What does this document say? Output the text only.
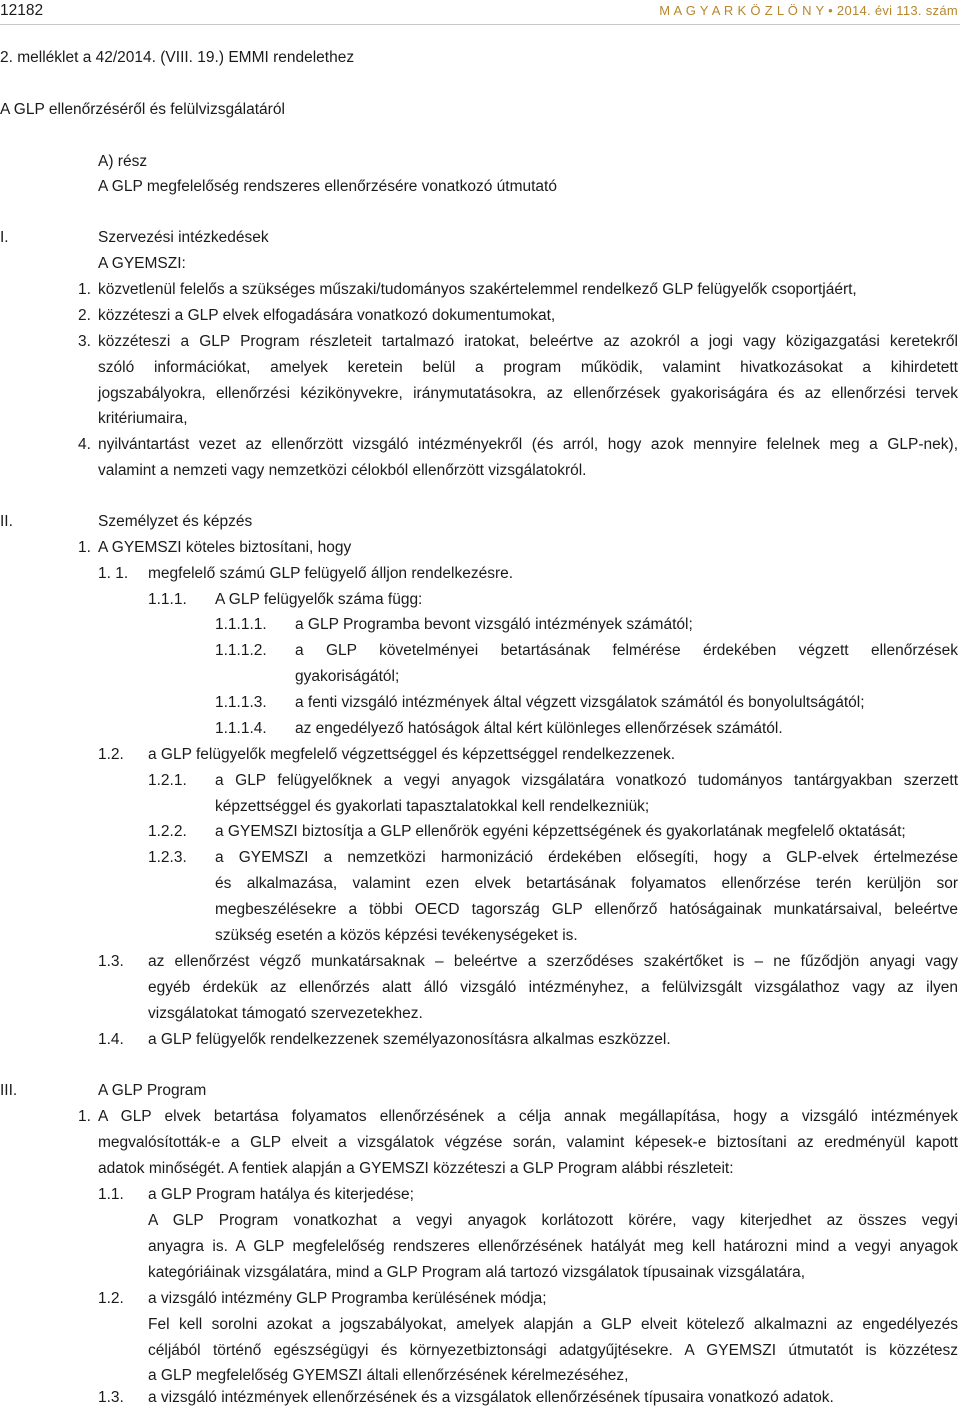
12182	M A G Y A R K Ö Z L Ö N Y • 2014. évi 113. szám
2. melléklet a 42/2014. (VIII. 19.) EMMI rendelethez
A GLP ellenőrzéséről és felülvizsgálatáról
A) rész
A GLP megfelelőség rendszeres ellenőrzésére vonatkozó útmutató
I.	Szervezési intézkedések
A GYEMSZI:
1. közvetlenül felelős a szükséges műszaki/tudományos szakértelemmel rendelkező GLP felügyelők csoportjáért,
2. közzéteszi a GLP elvek elfogadására vonatkozó dokumentumokat,
3. közzéteszi a GLP Program részleteit tartalmazó iratokat, beleértve az azokról a jogi vagy közigazgatási keretekről
szóló információkat, amelyek keretein belül a program működik, valamint hivatkozásokat a kihirdetett
jogszabályokra, ellenőrzési kézikönyvekre, iránymutatásokra, az ellenőrzések gyakoriságára és az ellenőrzési tervek
kritériumaira,
4. nyilvántartást vezet az ellenőrzött vizsgáló intézményekről (és arról, hogy azok mennyire felelnek meg a GLP-nek),
valamint a nemzeti vagy nemzetközi célokból ellenőrzött vizsgálatokról.
II.	Személyzet és képzés
1. A GYEMSZI köteles biztosítani, hogy
1. 1. megfelelő számú GLP felügyelő álljon rendelkezésre.
1.1.1. A GLP felügyelők száma függ:
1.1.1.1. a GLP Programba bevont vizsgáló intézmények számától;
1.1.1.2. a GLP követelményei betartásának felmérése érdekében végzett ellenőrzések
gyakoriságától;
1.1.1.3. a fenti vizsgáló intézmények által végzett vizsgálatok számától és bonyolultságától;
1.1.1.4. az engedélyező hatóságok által kért különleges ellenőrzések számától.
1.2. a GLP felügyelők megfelelő végzettséggel és képzettséggel rendelkezzenek.
1.2.1. a GLP felügyelőknek a vegyi anyagok vizsgálatára vonatkozó tudományos tantárgyakban szerzett
képzettséggel és gyakorlati tapasztalatokkal kell rendelkezniük;
1.2.2. a GYEMSZI biztosítja a GLP ellenőrök egyéni képzettségének és gyakorlatának megfelelő oktatását;
1.2.3. a GYEMSZI a nemzetközi harmonizáció érdekében elősegíti, hogy a GLP-elvek értelmezése
és alkalmazása, valamint ezen elvek betartásának folyamatos ellenőrzése terén kerüljön sor
megbeszélésekre a többi OECD tagország GLP ellenőrző hatóságainak munkatársaival, beleértve
szükség esetén a közös képzési tevékenységeket is.
1.3. az ellenőrzést végző munkatársaknak – beleértve a szerződéses szakértőket is – ne fűződjön anyagi vagy
egyéb érdekük az ellenőrzés alatt álló vizsgáló intézményhez, a felülvizsgált vizsgálathoz vagy az ilyen
vizsgálatokat támogató szervezetekhez.
1.4. a GLP felügyelők rendelkezzenek személyazonosításra alkalmas eszközzel.
III.	A GLP Program
1. A GLP elvek betartása folyamatos ellenőrzésének a célja annak megállapítása, hogy a vizsgáló intézmények
megvalósították-e a GLP elveit a vizsgálatok végzése során, valamint képesek-e biztosítani az eredményül kapott
adatok minőségét. A fentiek alapján a GYEMSZI közzéteszi a GLP Program alábbi részleteit:
1.1. a GLP Program hatálya és kiterjedése;
A GLP Program vonatkozhat a vegyi anyagok korlátozott körére, vagy kiterjedhet az összes vegyi
anyagra is. A GLP megfelelőség rendszeres ellenőrzésének hatályát meg kell határozni mind a vegyi anyagok
kategóriáinak vizsgálatára, mind a GLP Program alá tartozó vizsgálatok típusainak vizsgálatára,
1.2. a vizsgáló intézmény GLP Programba kerülésének módja;
Fel kell sorolni azokat a jogszabályokat, amelyek alapján a GLP elveit kötelező alkalmazni az engedélyezés
céljából történő egészségügyi és környezetbiztonsági adatgyűjtésekre. A GYEMSZI útmutatót is közzétesz
a GLP megfelelőség GYEMSZI általi ellenőrzésének kérelmezéséhez,
1.3. a vizsgáló intézmények ellenőrzésének és a vizsgálatok ellenőrzésének típusaira vonatkozó adatok.
